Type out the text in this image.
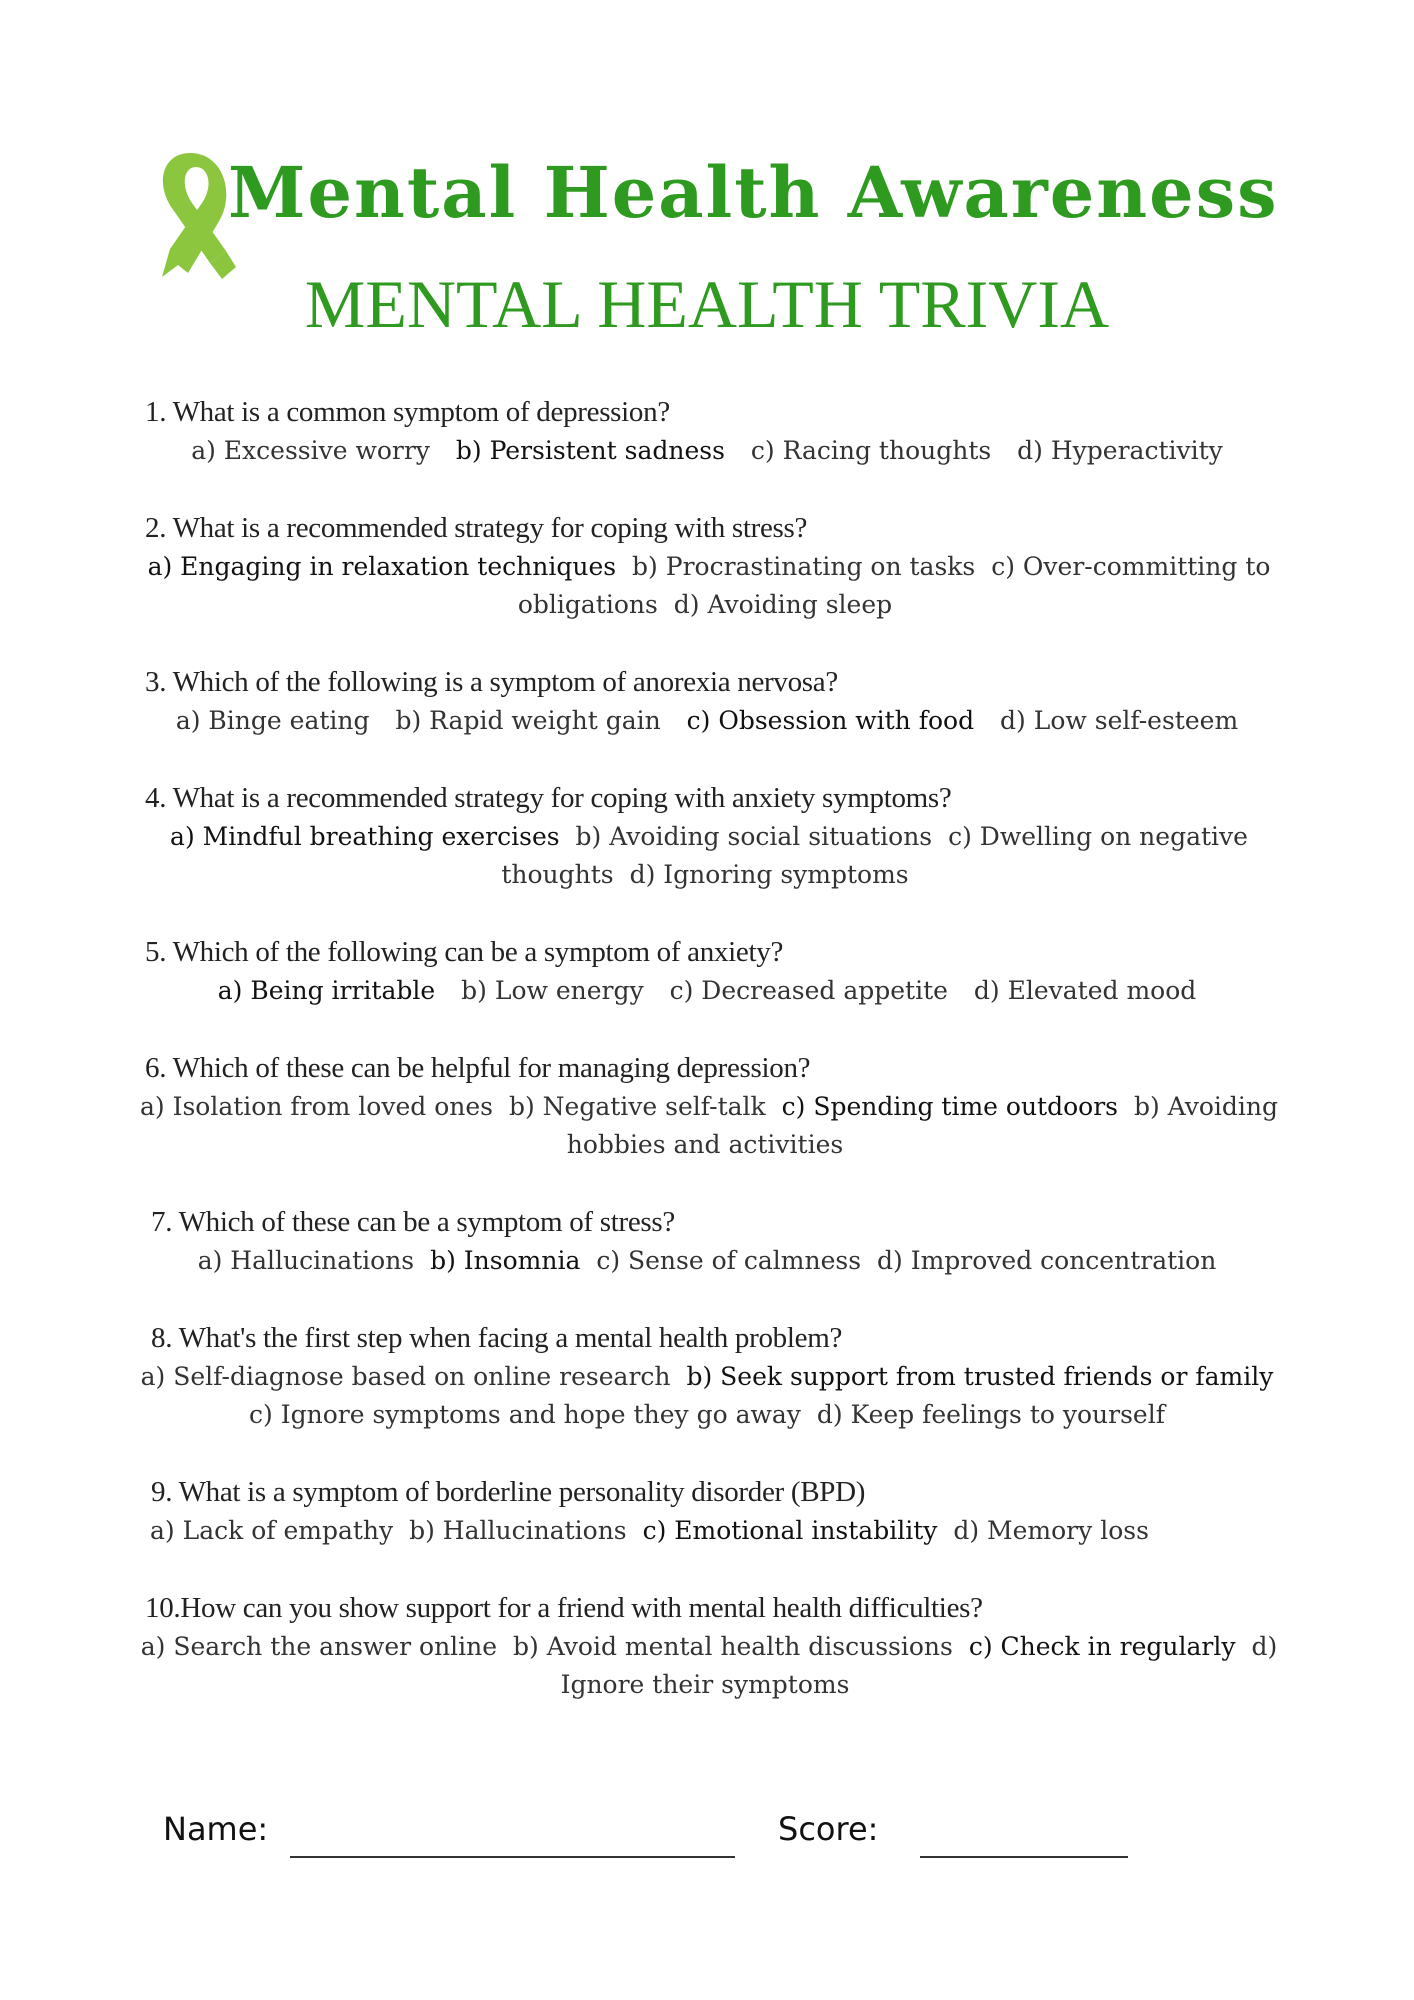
Mental Health Awareness
MENTAL HEALTH TRIVIA
1. What is a common symptom of depression?
a) Excessive worry b) Persistent sadness c) Racing thoughts d) Hyperactivity
2. What is a recommended strategy for coping with stress?
a) Engaging in relaxation techniques b) Procrastinating on tasks c) Over-committing to obligations d) Avoiding sleep
3. Which of the following is a symptom of anorexia nervosa?
a) Binge eating b) Rapid weight gain c) Obsession with food d) Low self-esteem
4. What is a recommended strategy for coping with anxiety symptoms?
a) Mindful breathing exercises b) Avoiding social situations c) Dwelling on negative thoughts d) Ignoring symptoms
5. Which of the following can be a symptom of anxiety?
a) Being irritable b) Low energy c) Decreased appetite d) Elevated mood
6. Which of these can be helpful for managing depression?
a) Isolation from loved ones b) Negative self-talk c) Spending time outdoors b) Avoiding hobbies and activities
7. Which of these can be a symptom of stress?
a) Hallucinations b) Insomnia c) Sense of calmness d) Improved concentration
8. What's the first step when facing a mental health problem?
a) Self-diagnose based on online research b) Seek support from trusted friends or family c) Ignore symptoms and hope they go away d) Keep feelings to yourself
9. What is a symptom of borderline personality disorder (BPD)
a) Lack of empathy b) Hallucinations c) Emotional instability d) Memory loss
10.How can you show support for a friend with mental health difficulties?
a) Search the answer online b) Avoid mental health discussions c) Check in regularly d) Ignore their symptoms
Name:	Score:
